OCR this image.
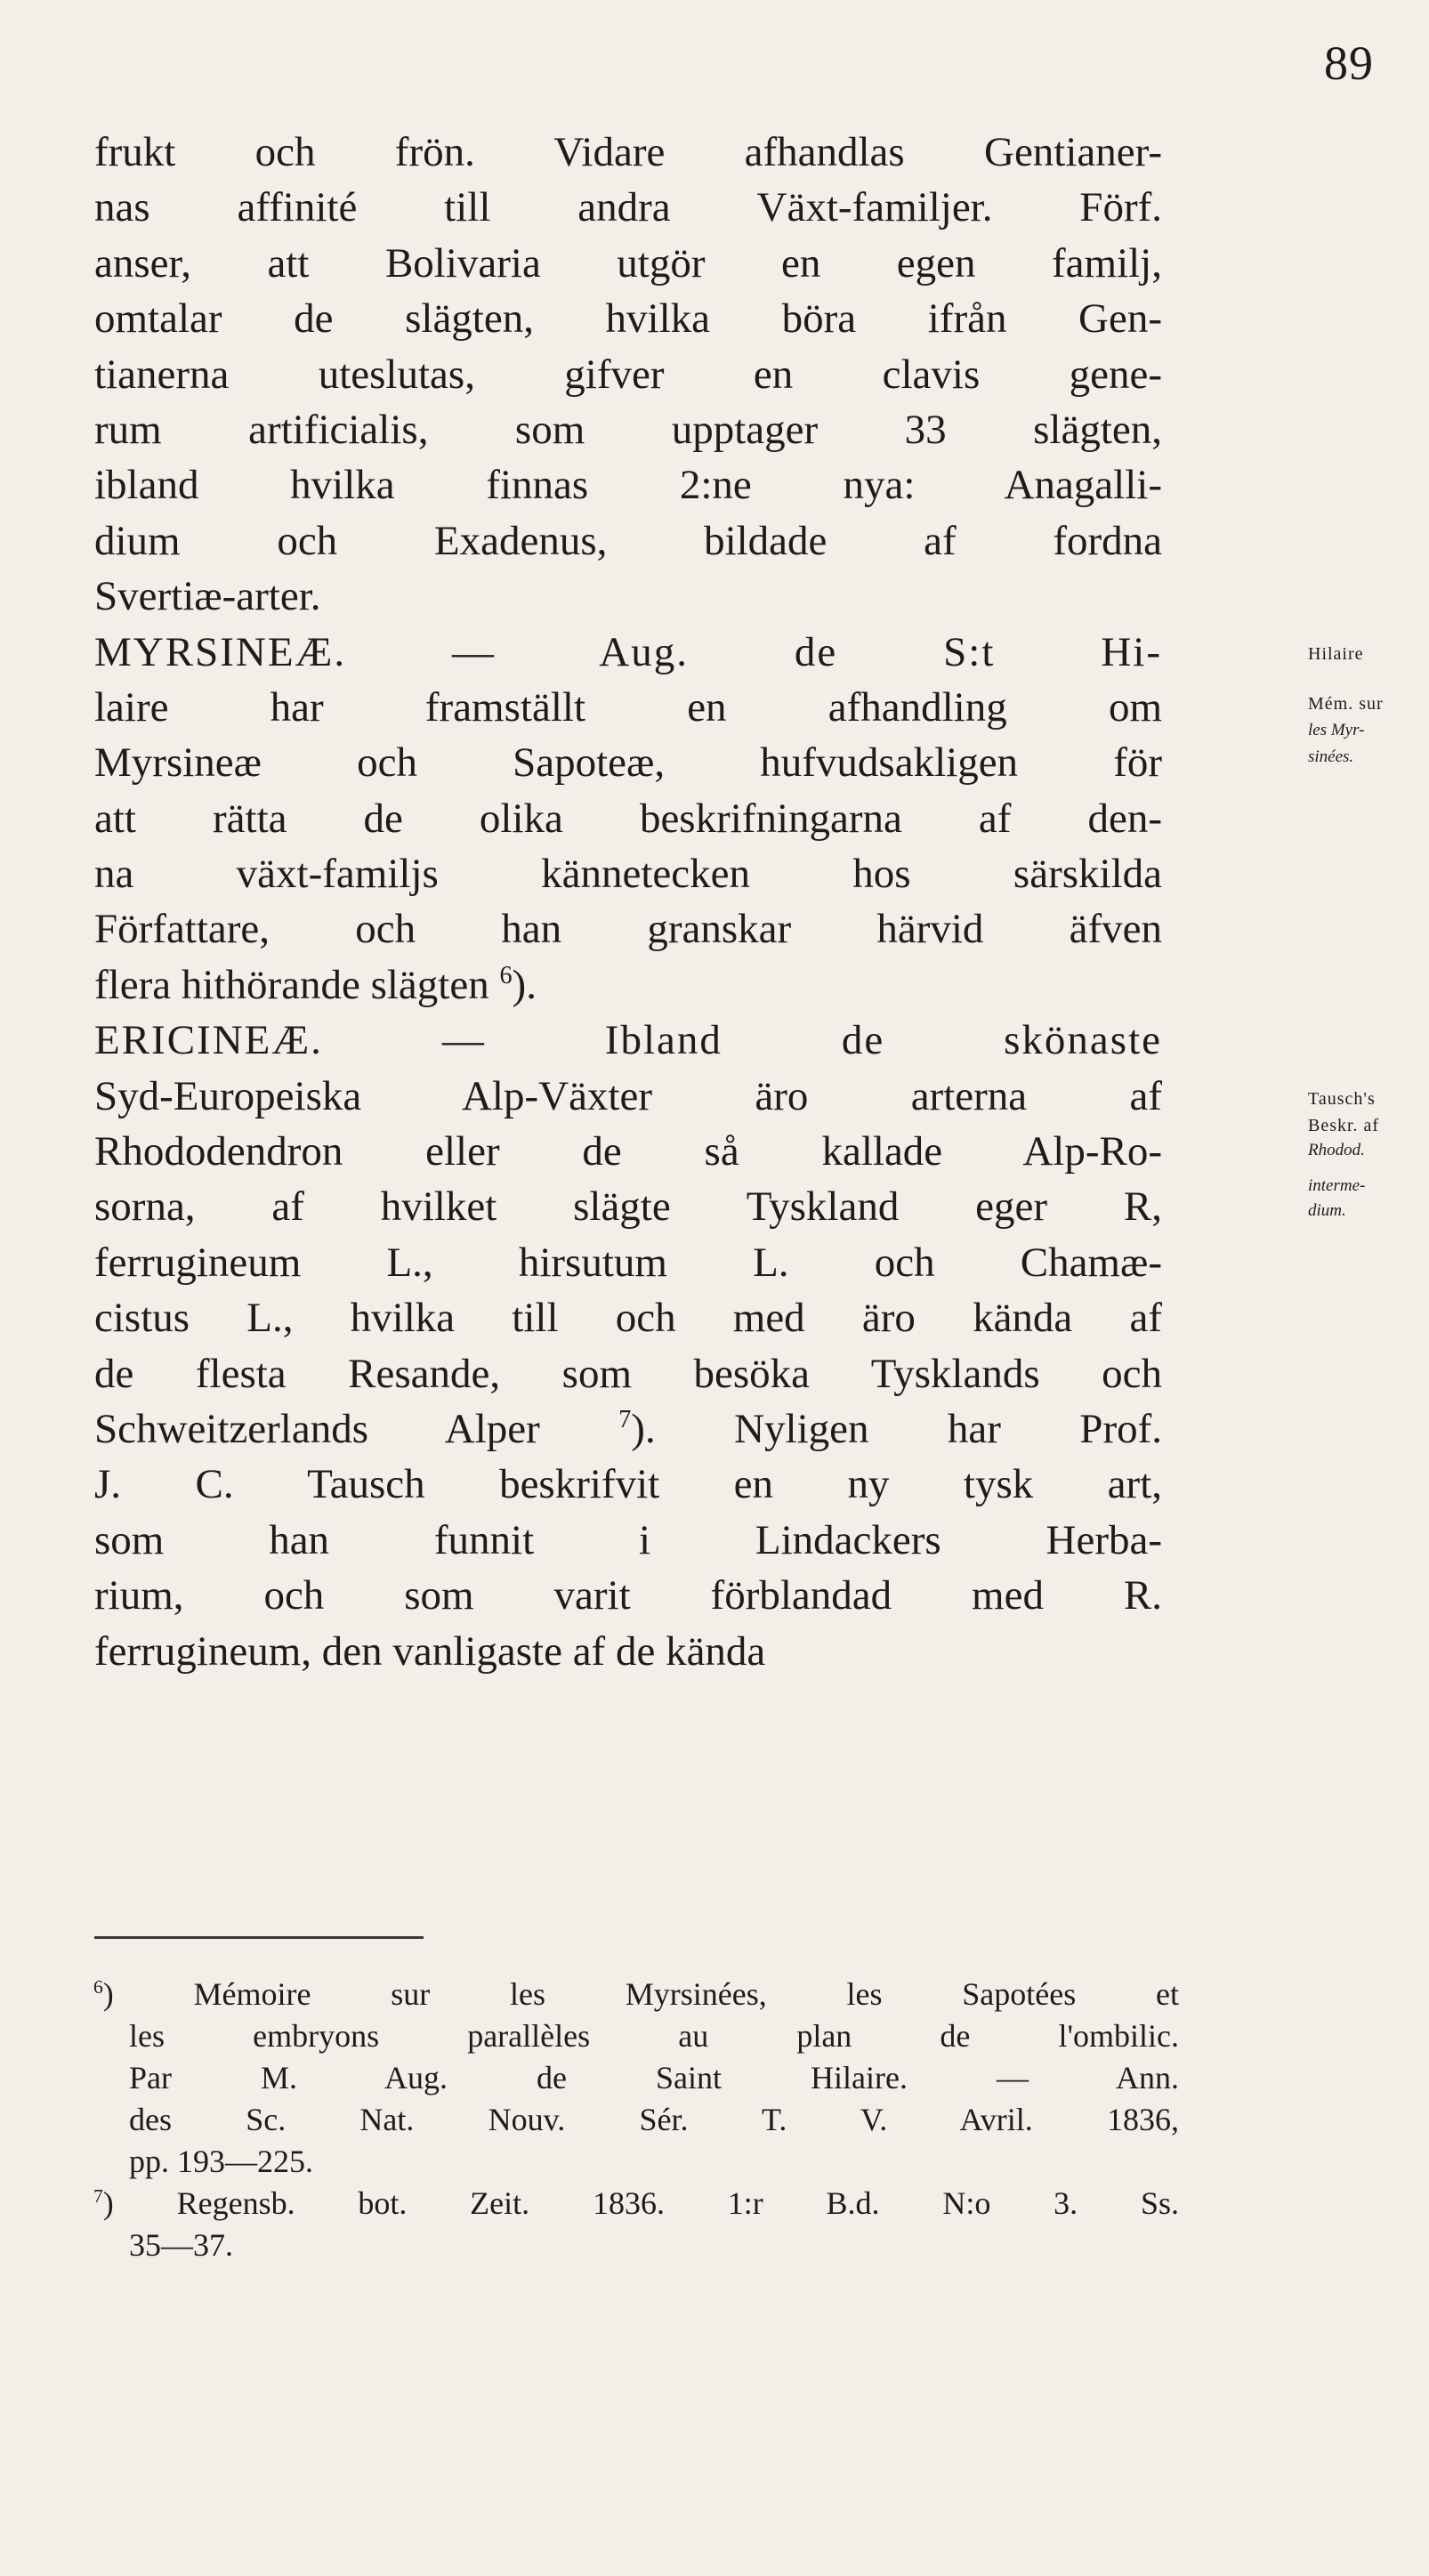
89
frukt och frön. Vidare afhandlas Gentianer-
nas affinité till andra Växt-familjer. Förf.
anser, att Bolivaria utgör en egen familj,
omtalar de slägten, hvilka böra ifrån Gen-
tianerna uteslutas, gifver en clavis gene-
rum artificialis, som upptager 33 slägten,
ibland hvilka finnas 2:ne nya: Anagalli-
dium och Exadenus, bildade af fordna
Svertiæ-arter.
MYRSINEÆ. — Aug. de S:t Hi-
laire har framställt en afhandling om
Myrsineæ och Sapoteæ, hufvudsakligen för
att rätta de olika beskrifningarna af den-
na växt-familjs kännetecken hos särskilda
Författare, och han granskar härvid äfven
flera hithörande slägten $^6$).
ERICINEÆ. — Ibland de skönaste
Syd-Europeiska Alp-Växter äro arterna af
Rhododendron eller de så kallade Alp-Ro-
sorna, af hvilket slägte Tyskland eger R,
ferrugineum L., hirsutum L. och Chamæ-
cistus L., hvilka till och med äro kända af
de flesta Resande, som besöka Tysklands och
Schweitzerlands Alper	$^7$). Nyligen har Prof.
J. C. Tausch beskrifvit en ny tysk art,
som han funnit i Lindackers Herba-
rium, och som varit förblandad med R.
ferrugineum, den vanligaste af de kända
Hilaire
Mém. sur
les Myr-
sinées.
Tausch's
Beskr. af
Rhodod.
interme-
dium.
$^6$) Mémoire sur les Myrsinées, les Sapotées et
les embryons parallèles au plan de l'ombilic.
Par M. Aug. de Saint Hilaire. — Ann.
des Sc. Nat. Nouv. Sér. T. V. Avril. 1836,
pp. 193—225.
$^7$) Regensb. bot. Zeit. 1836. 1:r B.d. N:o 3. Ss.
35—37.
